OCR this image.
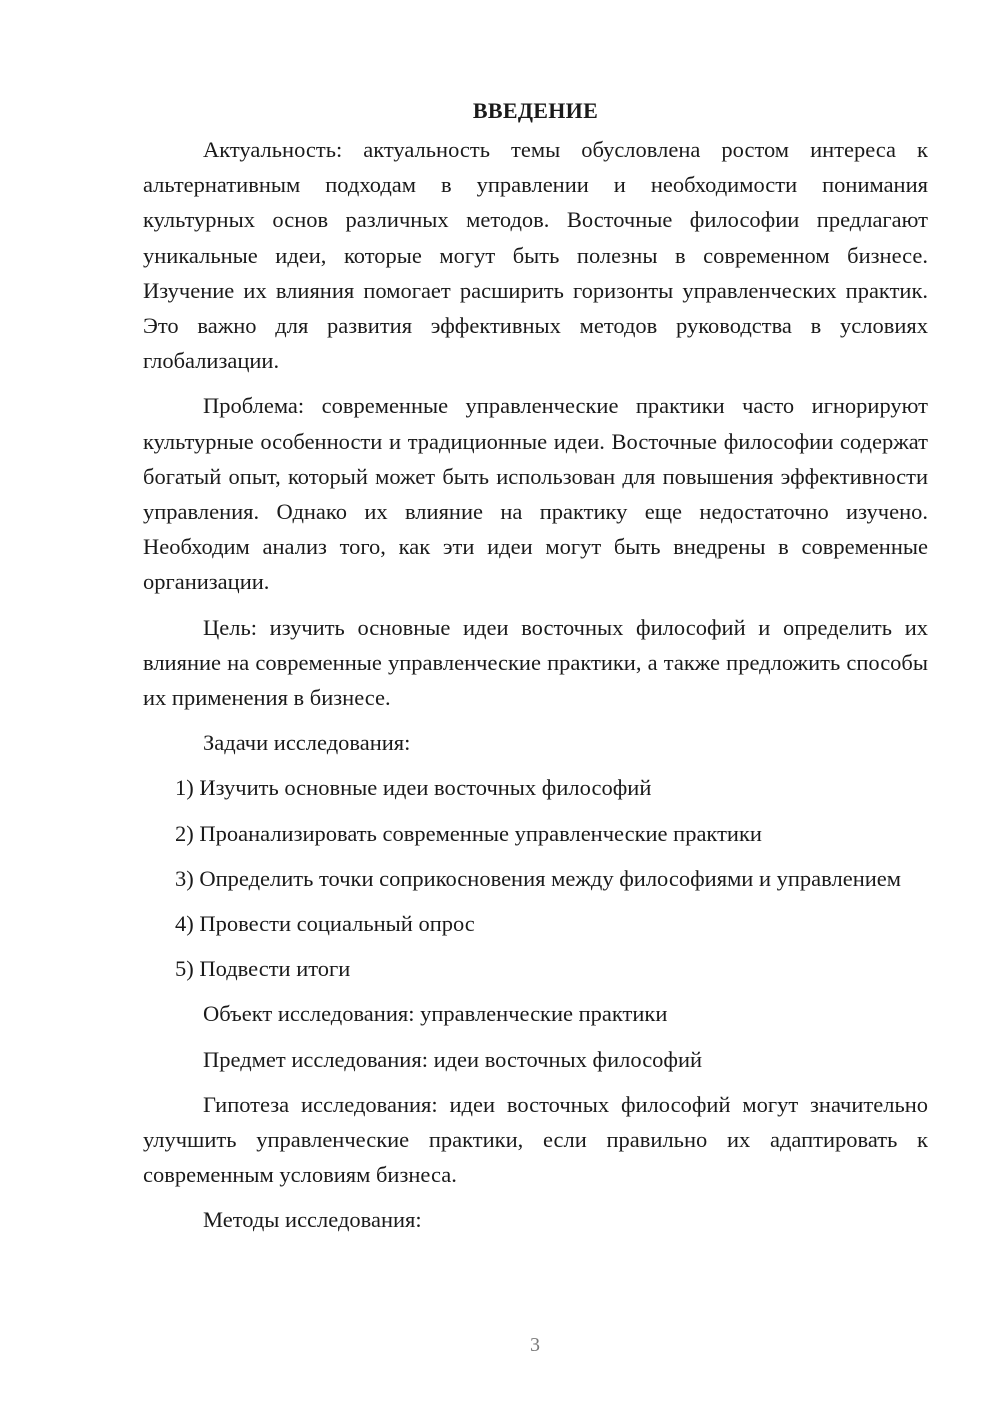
ВВЕДЕНИЕ

Актуальность: актуальность темы обусловлена ростом интереса к альтернативным подходам в управлении и необходимости понимания культурных основ различных методов. Восточные философии предлагают уникальные идеи, которые могут быть полезны в современном бизнесе. Изучение их влияния помогает расширить горизонты управленческих практик. Это важно для развития эффективных методов руководства в условиях глобализации.

Проблема: современные управленческие практики часто игнорируют культурные особенности и традиционные идеи. Восточные философии содержат богатый опыт, который может быть использован для повышения эффективности управления. Однако их влияние на практику еще недостаточно изучено. Необходим анализ того, как эти идеи могут быть внедрены в современные организации.

Цель: изучить основные идеи восточных философий и определить их влияние на современные управленческие практики, а также предложить способы их применения в бизнесе.

Задачи исследования:

1) Изучить основные идеи восточных философий

2) Проанализировать современные управленческие практики

3) Определить точки соприкосновения между философиями и управлением

4) Провести социальный опрос

5) Подвести итоги

Объект исследования: управленческие практики

Предмет исследования: идеи восточных философий

Гипотеза исследования: идеи восточных философий могут значительно улучшить управленческие практики, если правильно их адаптировать к современным условиям бизнеса.

Методы исследования:

3
